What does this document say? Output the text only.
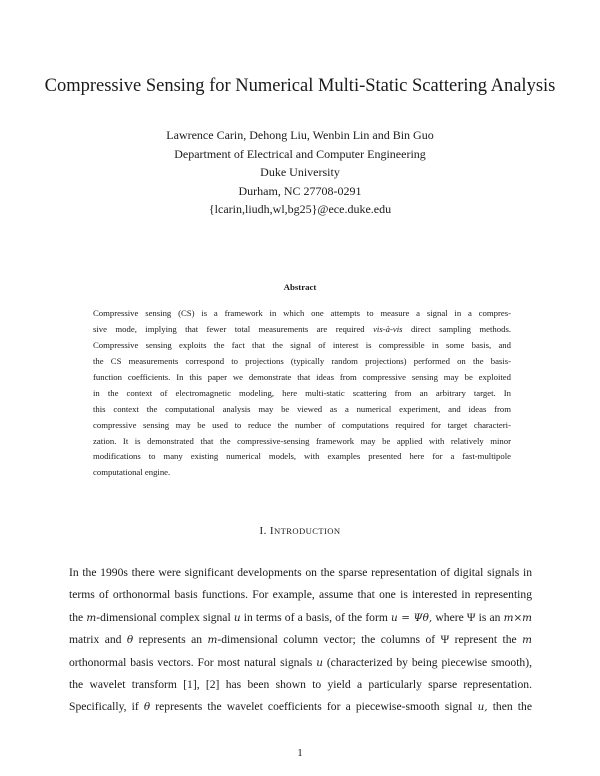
Compressive Sensing for Numerical Multi-Static Scattering Analysis
Lawrence Carin, Dehong Liu, Wenbin Lin and Bin Guo
Department of Electrical and Computer Engineering
Duke University
Durham, NC 27708-0291
{lcarin,liudh,wl,bg25}@ece.duke.edu
Abstract
Compressive sensing (CS) is a framework in which one attempts to measure a signal in a compres-
sive mode, implying that fewer total measurements are required vis-à-vis direct sampling methods.
Compressive sensing exploits the fact that the signal of interest is compressible in some basis, and
the CS measurements correspond to projections (typically random projections) performed on the basis-
function coefficients. In this paper we demonstrate that ideas from compressive sensing may be exploited
in the context of electromagnetic modeling, here multi-static scattering from an arbitrary target. In
this context the computational analysis may be viewed as a numerical experiment, and ideas from
compressive sensing may be used to reduce the number of computations required for target characteri-
zation. It is demonstrated that the compressive-sensing framework may be applied with relatively minor
modifications to many existing numerical models, with examples presented here for a fast-multipole
computational engine.
I. INTRODUCTION
In the 1990s there were significant developments on the sparse representation of digital signals in
terms of orthonormal basis functions. For example, assume that one is interested in representing
the m-dimensional complex signal u in terms of a basis, of the form u = Ψθ, where Ψ is an m×m
matrix and θ represents an m-dimensional column vector; the columns of Ψ represent the m
orthonormal basis vectors. For most natural signals u (characterized by being piecewise smooth),
the wavelet transform [1], [2] has been shown to yield a particularly sparse representation.
Specifically, if θ represents the wavelet coefficients for a piecewise-smooth signal u, then the
1
